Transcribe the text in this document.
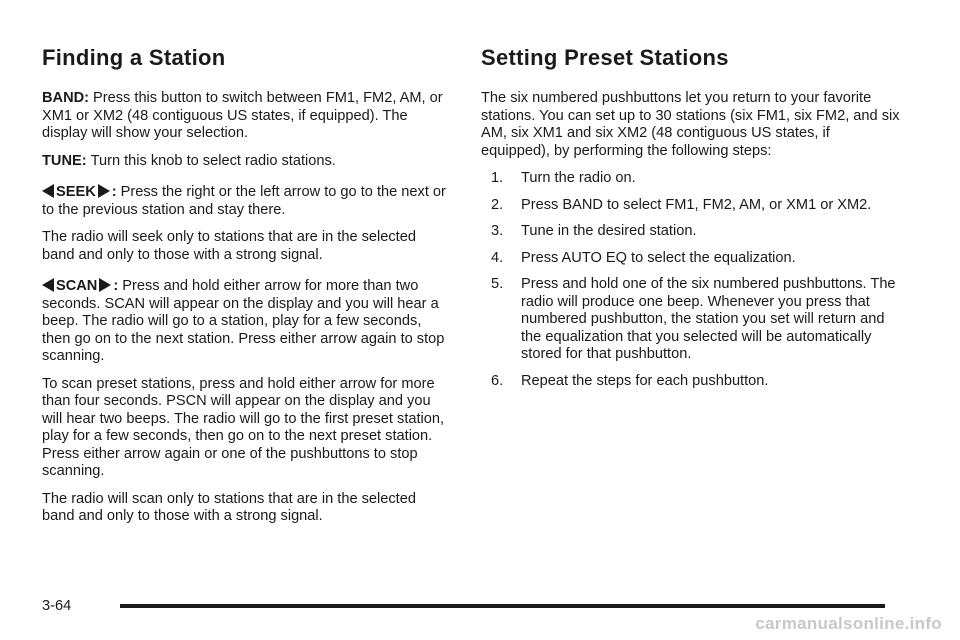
Finding a Station

BAND: Press this button to switch between FM1, FM2, AM, or XM1 or XM2 (48 contiguous US states, if equipped). The display will show your selection.

TUNE: Turn this knob to select radio stations.

SEEK : Press the right or the left arrow to go to the next or to the previous station and stay there.

The radio will seek only to stations that are in the selected band and only to those with a strong signal.

SCAN : Press and hold either arrow for more than two seconds. SCAN will appear on the display and you will hear a beep. The radio will go to a station, play for a few seconds, then go on to the next station. Press either arrow again to stop scanning.

To scan preset stations, press and hold either arrow for more than four seconds. PSCN will appear on the display and you will hear two beeps. The radio will go to the first preset station, play for a few seconds, then go on to the next preset station. Press either arrow again or one of the pushbuttons to stop scanning.

The radio will scan only to stations that are in the selected band and only to those with a strong signal.

Setting Preset Stations

The six numbered pushbuttons let you return to your favorite stations. You can set up to 30 stations (six FM1, six FM2, and six AM, six XM1 and six XM2 (48 contiguous US states, if equipped), by performing the following steps:

1. Turn the radio on.
2. Press BAND to select FM1, FM2, AM, or XM1 or XM2.
3. Tune in the desired station.
4. Press AUTO EQ to select the equalization.
5. Press and hold one of the six numbered pushbuttons. The radio will produce one beep. Whenever you press that numbered pushbutton, the station you set will return and the equalization that you selected will be automatically stored for that pushbutton.
6. Repeat the steps for each pushbutton.
3-64
carmanualsonline.info
